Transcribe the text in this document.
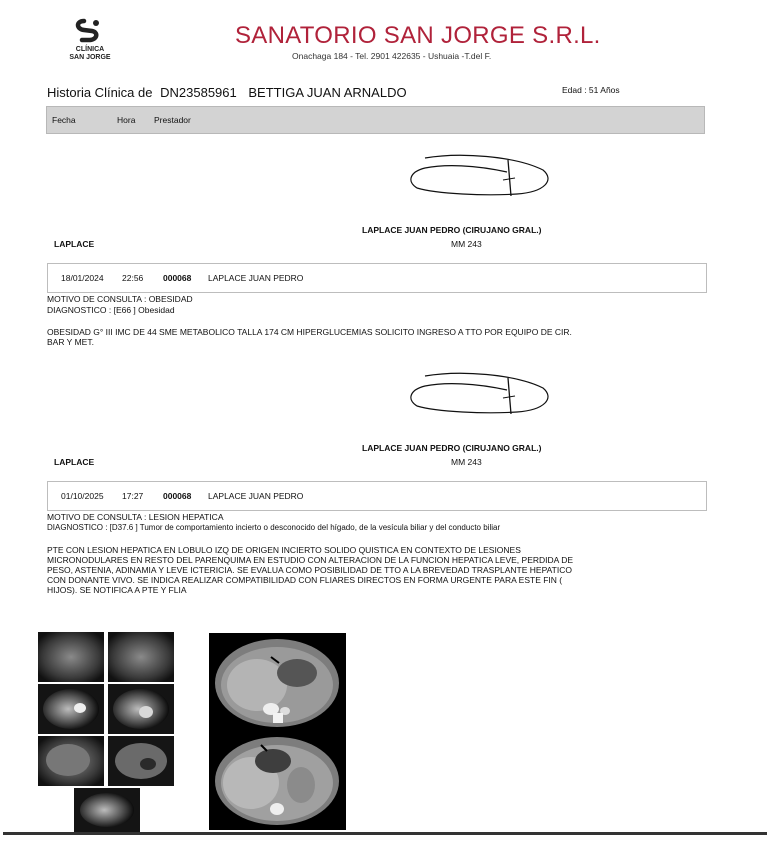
CLÍNICA
SAN JORGE
SANATORIO SAN JORGE S.R.L.
Onachaga 184 - Tel. 2901 422635 - Ushuaia -T.del F.
Historia Clínica de DN23585961 BETTIGA JUAN ARNALDO	Edad : 51 Años
Fecha	Hora Prestador
LAPLACE JUAN PEDRO (CIRUJANO GRAL.)
MM 243
LAPLACE
18/01/2024 22:56 000068 LAPLACE JUAN PEDRO
MOTIVO DE CONSULTA : OBESIDAD
DIAGNOSTICO : [E66 ] Obesidad
OBESIDAD G° III IMC DE 44 SME METABOLICO TALLA 174 CM HIPERGLUCEMIAS SOLICITO INGRESO A TTO POR EQUIPO DE CIR.
BAR Y MET.
LAPLACE JUAN PEDRO (CIRUJANO GRAL.)
MM 243
LAPLACE
01/10/2025 17:27 000068 LAPLACE JUAN PEDRO
MOTIVO DE CONSULTA : LESION HEPATICA
DIAGNOSTICO : [D37.6 ] Tumor de comportamiento incierto o desconocido del hígado, de la vesícula biliar y del conducto biliar
PTE CON LESION HEPATICA EN LOBULO IZQ DE ORIGEN INCIERTO SOLIDO QUISTICA EN CONTEXTO DE LESIONES
MICRONODULARES EN RESTO DEL PARENQUIMA EN ESTUDIO CON ALTERACION DE LA FUNCION HEPATICA LEVE, PERDIDA DE
PESO, ASTENIA, ADINAMIA Y LEVE ICTERICIA. SE EVALUA COMO POSIBILIDAD DE TTO A LA BREVEDAD TRASPLANTE HEPATICO
CON DONANTE VIVO. SE INDICA REALIZAR COMPATIBILIDAD CON FLIARES DIRECTOS EN FORMA URGENTE PARA ESTE FIN (
HIJOS). SE NOTIFICA A PTE Y FLIA
